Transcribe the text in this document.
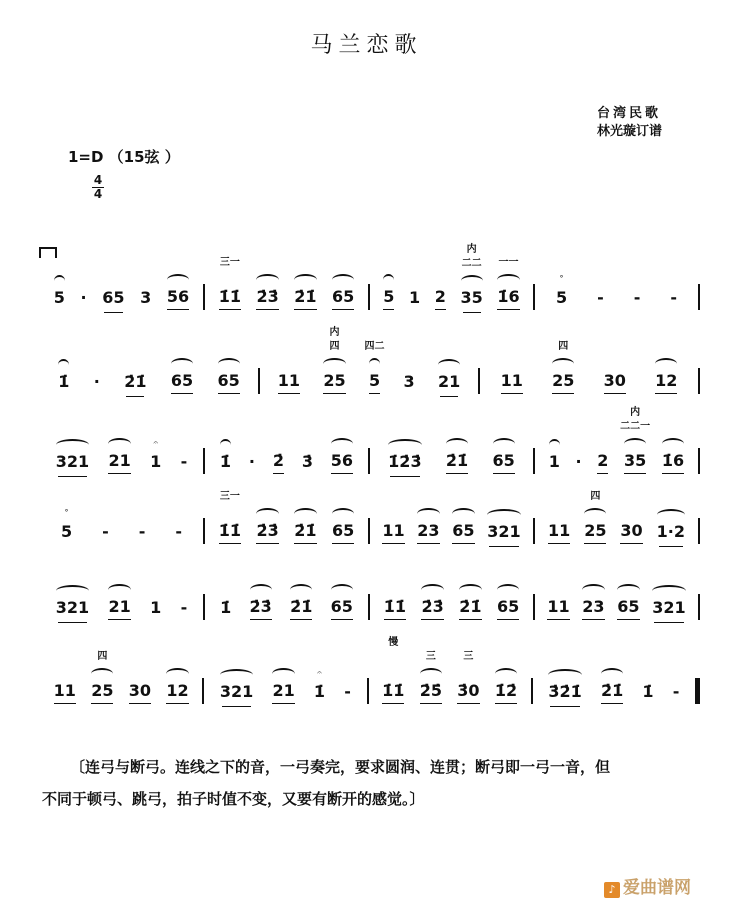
马兰恋歌
台湾民歌
林光璇订谱
1=D （15弦 ）
4
4
5 · 65 3 56 1̇1̇
三一
2̇3̇ 2̇1̇ 65 5 1 2 35
二二
内
1̇6
一一
5
°
- - -
1̇ · 2̇1̇ 65 65 11 25
四
内
5
四二
3 21	11 25
四
30 12
321 21 1
𝄐
- 1̇ · 2̇ 3̇ 56 1̇2̇3̇ 2̇1̇ 65 1 · 2 35
二二一
内
1̇6
5
°
- - - 1̇1̇
三一
2̇3̇ 2̇1̇ 65 11 23 65 321 11 25
四
30 1·2
321 21 1 - 1̇ 2̇3̇ 2̇1̇ 65 1̇1̇ 2̇3̇ 2̇1̇ 65 11 23 65 321
11 25
四
30 12 321 21 1̇
𝄐
- 1̇1̇
慢
2̇5̇
三
3̇0
三
1̇2̇ 3̇2̇1̇ 2̇1̇ 1̇ -
〔连弓与断弓。连线之下的音，一弓奏完，要求圆润、连贯；断弓即一弓一音，但
不同于顿弓、跳弓，拍子时值不变，又要有断开的感觉。〕
♪ 爱曲谱网
